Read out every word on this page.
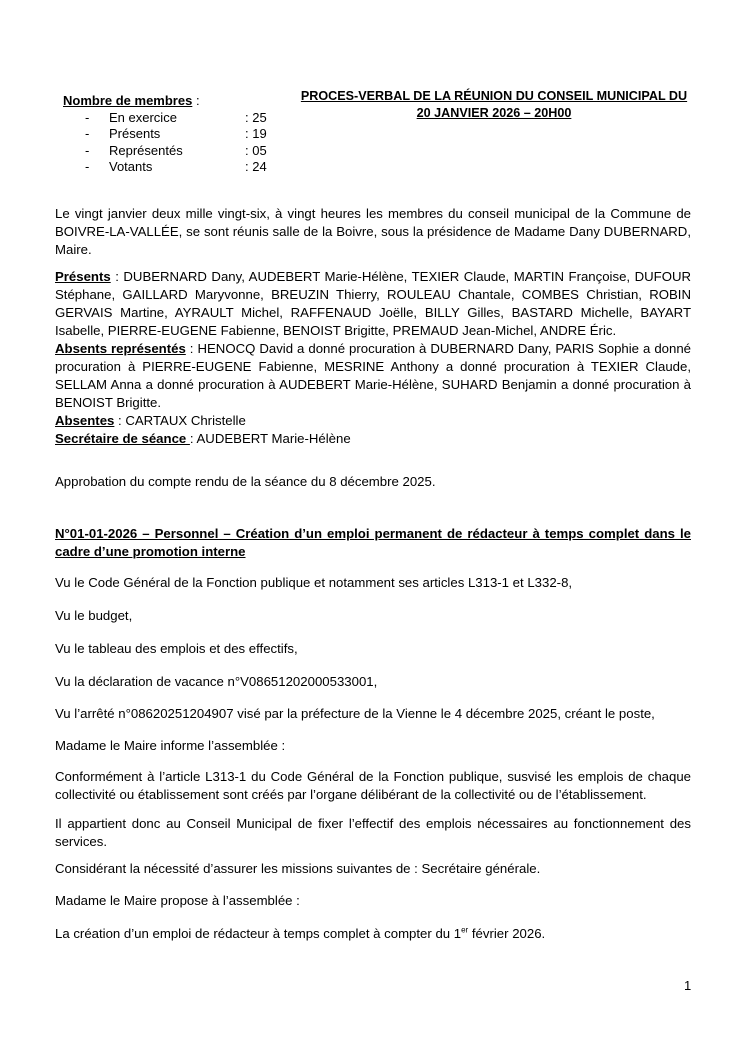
PROCES-VERBAL DE LA RÉUNION DU CONSEIL MUNICIPAL DU
20 JANVIER 2026 – 20H00
Nombre de membres :
-	En exercice	: 25
-	Présents	: 19
-	Représentés	: 05
-	Votants	: 24
Le vingt janvier deux mille vingt-six, à vingt heures les membres du conseil municipal de la Commune de BOIVRE-LA-VALLÉE, se sont réunis salle de la Boivre, sous la présidence de Madame Dany DUBERNARD, Maire.
Présents : DUBERNARD Dany, AUDEBERT Marie-Hélène, TEXIER Claude, MARTIN Françoise, DUFOUR Stéphane, GAILLARD Maryvonne, BREUZIN Thierry, ROULEAU Chantale, COMBES Christian, ROBIN GERVAIS Martine, AYRAULT Michel, RAFFENAUD Joëlle, BILLY Gilles, BASTARD Michelle, BAYART Isabelle, PIERRE-EUGENE Fabienne, BENOIST Brigitte, PREMAUD Jean-Michel, ANDRE Éric.
Absents représentés : HENOCQ David a donné procuration à DUBERNARD Dany, PARIS Sophie a donné procuration à PIERRE-EUGENE Fabienne, MESRINE Anthony a donné procuration à TEXIER Claude, SELLAM Anna a donné procuration à AUDEBERT Marie-Hélène, SUHARD Benjamin a donné procuration à BENOIST Brigitte.
Absentes : CARTAUX Christelle
Secrétaire de séance : AUDEBERT Marie-Hélène
Approbation du compte rendu de la séance du 8 décembre 2025.
N°01-01-2026 – Personnel – Création d’un emploi permanent de rédacteur à temps complet dans le cadre d’une promotion interne
Vu le Code Général de la Fonction publique et notamment ses articles L313-1 et L332-8,
Vu le budget,
Vu le tableau des emplois et des effectifs,
Vu la déclaration de vacance n°V08651202000533001,
Vu l’arrêté n°08620251204907 visé par la préfecture de la Vienne le 4 décembre 2025, créant le poste,
Madame le Maire informe l’assemblée :
Conformément à l’article L313-1 du Code Général de la Fonction publique, susvisé les emplois de chaque collectivité ou établissement sont créés par l’organe délibérant de la collectivité ou de l’établissement.
Il appartient donc au Conseil Municipal de fixer l’effectif des emplois nécessaires au fonctionnement des services.
Considérant la nécessité d’assurer les missions suivantes de : Secrétaire générale.
Madame le Maire propose à l’assemblée :
La création d’un emploi de rédacteur à temps complet à compter du 1er février 2026.
1
